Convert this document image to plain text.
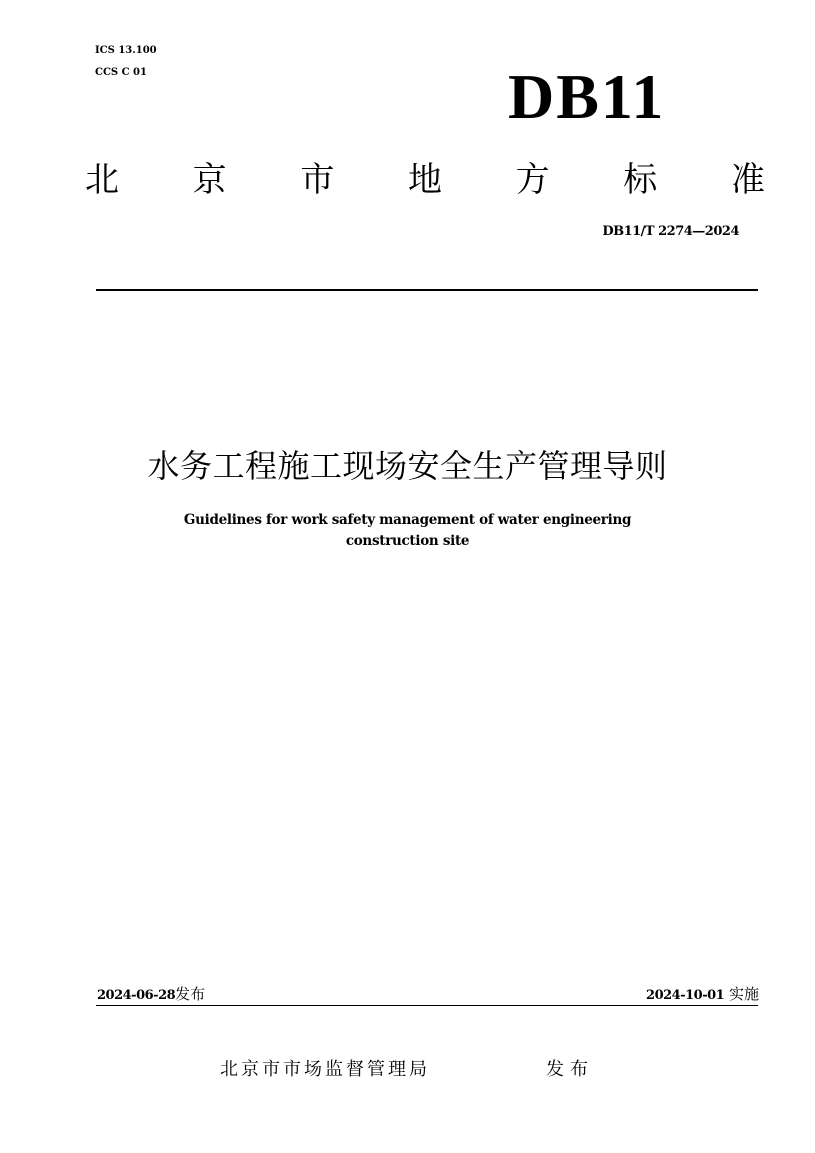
ICS 13.100
CCS C 01	DB11
北 京 市 地 方 标 准
DB11/T 2274—2024
水务工程施工现场安全生产管理导则
Guidelines for work safety management of water engineering
construction site
2024-06-28发布	2024-10-01 实施
北京市市场监督管理局	发布
